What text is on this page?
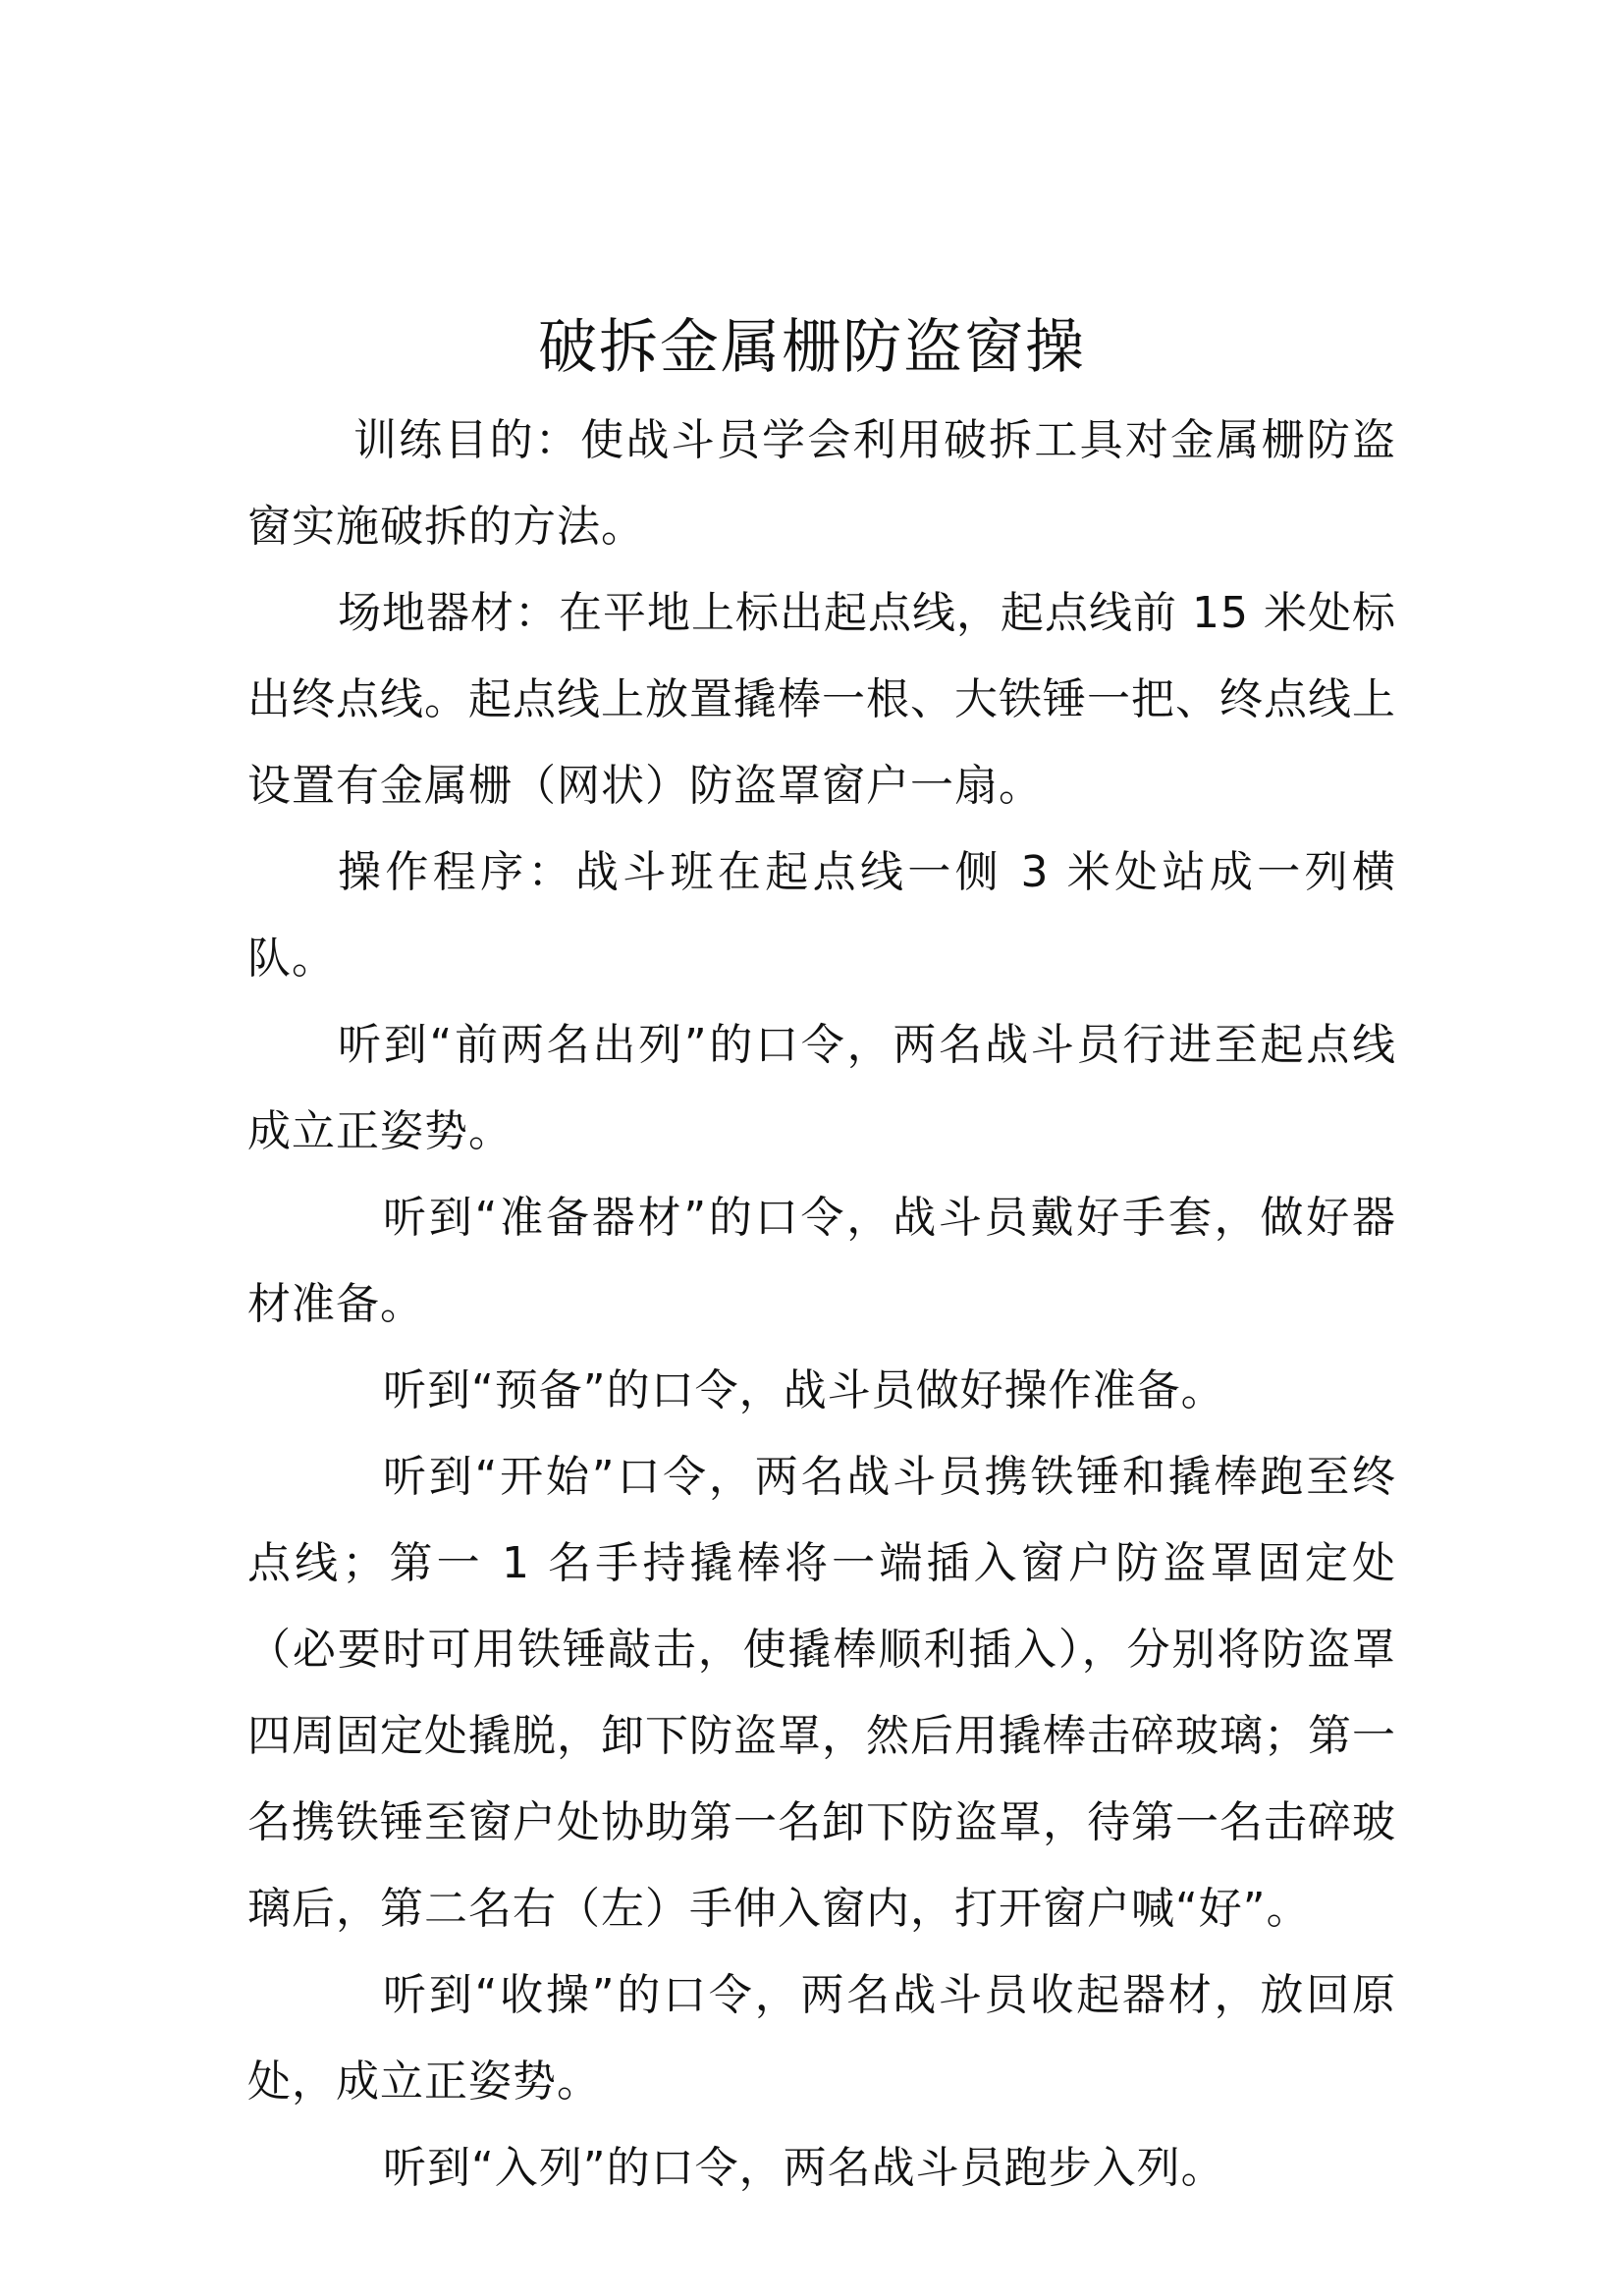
破拆金属栅防盗窗操

训练目的：使战斗员学会利用破拆工具对金属栅防盗窗实施破拆的方法。

场地器材：在平地上标出起点线，起点线前 15 米处标出终点线。起点线上放置撬棒一根、大铁锤一把、终点线上设置有金属栅（网状）防盗罩窗户一扇。

操作程序：战斗班在起点线一侧 3 米处站成一列横队。

听到“前两名出列”的口令，两名战斗员行进至起点线成立正姿势。

听到“准备器材”的口令，战斗员戴好手套，做好器材准备。

听到“预备”的口令，战斗员做好操作准备。

听到“开始”口令，两名战斗员携铁锤和撬棒跑至终点线；第一 1 名手持撬棒将一端插入窗户防盗罩固定处（必要时可用铁锤敲击，使撬棒顺利插入），分别将防盗罩四周固定处撬脱，卸下防盗罩，然后用撬棒击碎玻璃；第一名携铁锤至窗户处协助第一名卸下防盗罩，待第一名击碎玻璃后，第二名右（左）手伸入窗内，打开窗户喊“好”。

听到“收操”的口令，两名战斗员收起器材，放回原处，成立正姿势。

听到“入列”的口令，两名战斗员跑步入列。
